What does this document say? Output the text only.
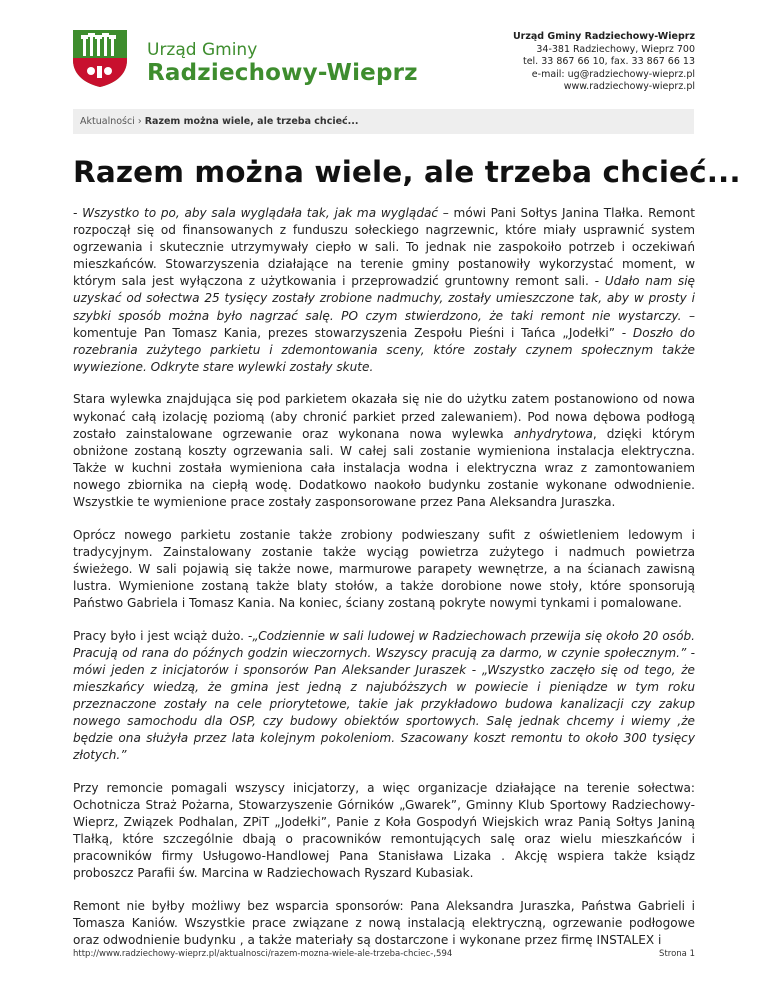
Urząd Gminy
Radziechowy-Wieprz
Urząd Gminy Radziechowy-Wieprz
34-381 Radziechowy, Wieprz 700
tel. 33 867 66 10, fax. 33 867 66 13
e-mail: ug@radziechowy-wieprz.pl
www.radziechowy-wieprz.pl
Aktualności › Razem można wiele, ale trzeba chcieć...
Razem można wiele, ale trzeba chcieć...

- Wszystko to po, aby sala wyglądała tak, jak ma wyglądać – mówi Pani Sołtys Janina Tlałka. Remont rozpoczął się od finansowanych z funduszu sołeckiego nagrzewnic, które miały usprawnić system ogrzewania i skutecznie utrzymywały ciepło w sali. To jednak nie zaspokoiło potrzeb i oczekiwań mieszkańców. Stowarzyszenia działające na terenie gminy postanowiły wykorzystać moment, w którym sala jest wyłączona z użytkowania i przeprowadzić gruntowny remont sali. - Udało nam się uzyskać od sołectwa 25 tysięcy zostały zrobione nadmuchy, zostały umieszczone tak, aby w prosty i szybki sposób można było nagrzać salę. PO czym stwierdzono, że taki remont nie wystarczy. – komentuje Pan Tomasz Kania, prezes stowarzyszenia Zespołu Pieśni i Tańca „Jodełki” - Doszło do rozebrania zużytego parkietu i zdemontowania sceny, które zostały czynem społecznym także wywiezione. Odkryte stare wylewki zostały skute.

Stara wylewka znajdująca się pod parkietem okazała się nie do użytku zatem postanowiono od nowa wykonać całą izolację poziomą (aby chronić parkiet przed zalewaniem). Pod nowa dębowa podłogą zostało zainstalowane ogrzewanie oraz wykonana nowa wylewka anhydrytowa, dzięki którym obniżone zostaną koszty ogrzewania sali. W całej sali zostanie wymieniona instalacja elektryczna. Także w kuchni została wymieniona cała instalacja wodna i elektryczna wraz z zamontowaniem nowego zbiornika na ciepłą wodę. Dodatkowo naokoło budynku zostanie wykonane odwodnienie. Wszystkie te wymienione prace zostały zasponsorowane przez Pana Aleksandra Juraszka.

Oprócz nowego parkietu zostanie także zrobiony podwieszany sufit z oświetleniem ledowym i tradycyjnym. Zainstalowany zostanie także wyciąg powietrza zużytego i nadmuch powietrza świeżego. W sali pojawią się także nowe, marmurowe parapety wewnętrze, a na ścianach zawisną lustra. Wymienione zostaną także blaty stołów, a także dorobione nowe stoły, które sponsorują Państwo Gabriela i Tomasz Kania. Na koniec, ściany zostaną pokryte nowymi tynkami i pomalowane.

Pracy było i jest wciąż dużo. -„Codziennie w sali ludowej w Radziechowach przewija się około 20 osób. Pracują od rana do późnych godzin wieczornych. Wszyscy pracują za darmo, w czynie społecznym.” - mówi jeden z inicjatorów i sponsorów Pan Aleksander Juraszek - „Wszystko zaczęło się od tego, że mieszkańcy wiedzą, że gmina jest jedną z najubóższych w powiecie i pieniądze w tym roku przeznaczone zostały na cele priorytetowe, takie jak przykładowo budowa kanalizacji czy zakup nowego samochodu dla OSP, czy budowy obiektów sportowych. Salę jednak chcemy i wiemy ,że będzie ona służyła przez lata kolejnym pokoleniom. Szacowany koszt remontu to około 300 tysięcy złotych.”

Przy remoncie pomagali wszyscy inicjatorzy, a więc organizacje działające na terenie sołectwa: Ochotnicza Straż Pożarna, Stowarzyszenie Górników „Gwarek”, Gminny Klub Sportowy Radziechowy-Wieprz, Związek Podhalan, ZPiT „Jodełki”, Panie z Koła Gospodyń Wiejskich wraz Panią Sołtys Janiną Tlałką, które szczególnie dbają o pracowników remontujących salę oraz wielu mieszkańców i pracowników firmy Usługowo-Handlowej Pana Stanisława Lizaka . Akcję wspiera także ksiądz proboszcz Parafii św. Marcina w Radziechowach Ryszard Kubasiak.

Remont nie byłby możliwy bez wsparcia sponsorów: Pana Aleksandra Juraszka, Państwa Gabrieli i Tomasza Kaniów. Wszystkie prace związane z nową instalacją elektryczną, ogrzewanie podłogowe oraz odwodnienie budynku , a także materiały są dostarczone i wykonane przez firmę INSTALEX i

http://www.radziechowy-wieprz.pl/aktualnosci/razem-mozna-wiele-ale-trzeba-chciec-,594	Strona 1
